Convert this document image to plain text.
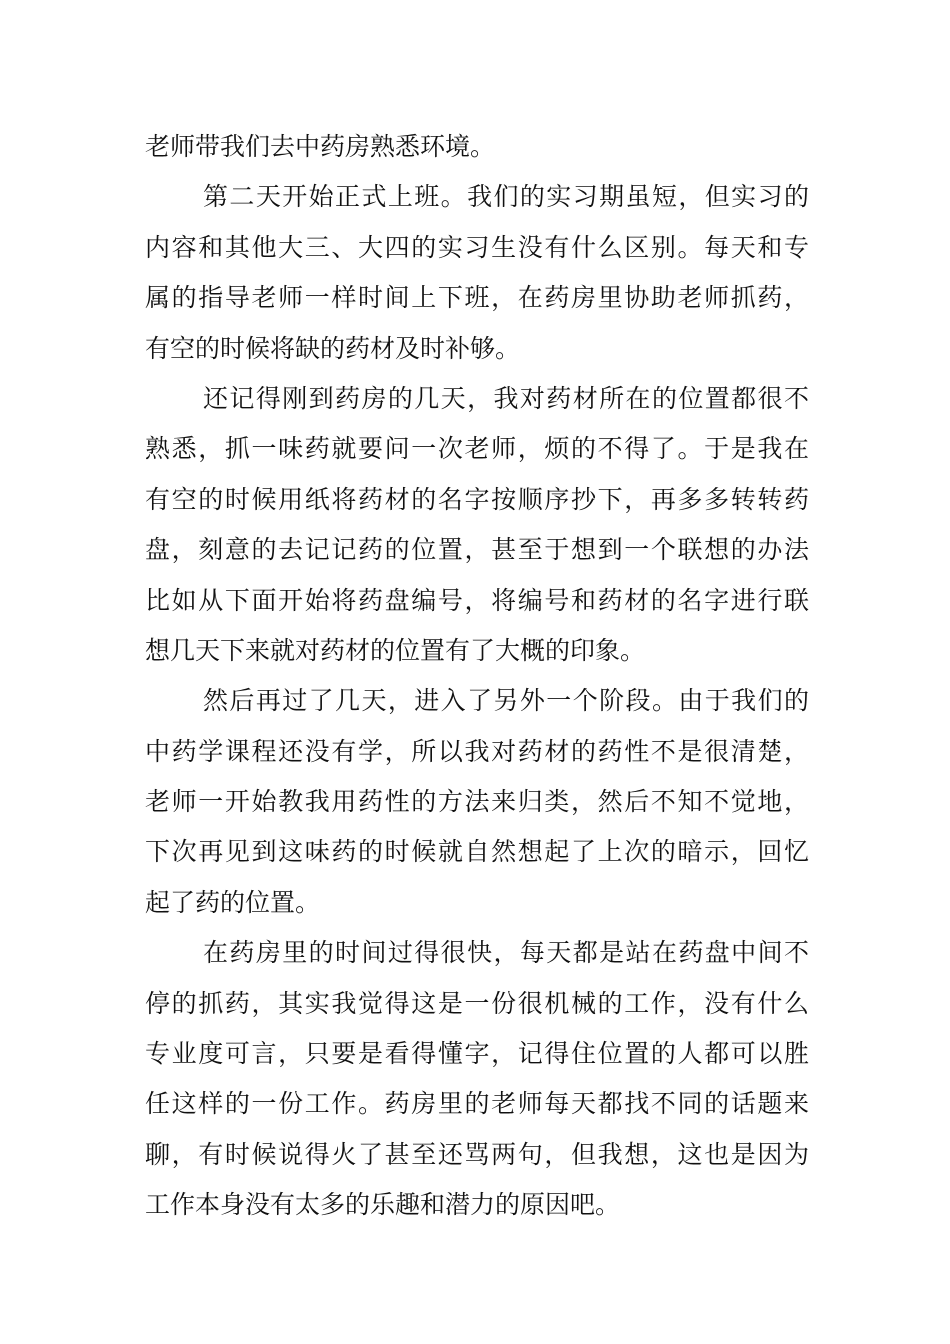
老师带我们去中药房熟悉环境。
第二天开始正式上班。我们的实习期虽短，但实习的
内容和其他大三、大四的实习生没有什么区别。每天和专
属的指导老师一样时间上下班，在药房里协助老师抓药，
有空的时候将缺的药材及时补够。
还记得刚到药房的几天，我对药材所在的位置都很不
熟悉，抓一味药就要问一次老师，烦的不得了。于是我在
有空的时候用纸将药材的名字按顺序抄下，再多多转转药
盘，刻意的去记记药的位置，甚至于想到一个联想的办法
比如从下面开始将药盘编号，将编号和药材的名字进行联
想几天下来就对药材的位置有了大概的印象。
然后再过了几天，进入了另外一个阶段。由于我们的
中药学课程还没有学，所以我对药材的药性不是很清楚，
老师一开始教我用药性的方法来归类，然后不知不觉地，
下次再见到这味药的时候就自然想起了上次的暗示，回忆
起了药的位置。
在药房里的时间过得很快，每天都是站在药盘中间不
停的抓药，其实我觉得这是一份很机械的工作，没有什么
专业度可言，只要是看得懂字，记得住位置的人都可以胜
任这样的一份工作。药房里的老师每天都找不同的话题来
聊，有时候说得火了甚至还骂两句，但我想，这也是因为
工作本身没有太多的乐趣和潜力的原因吧。
